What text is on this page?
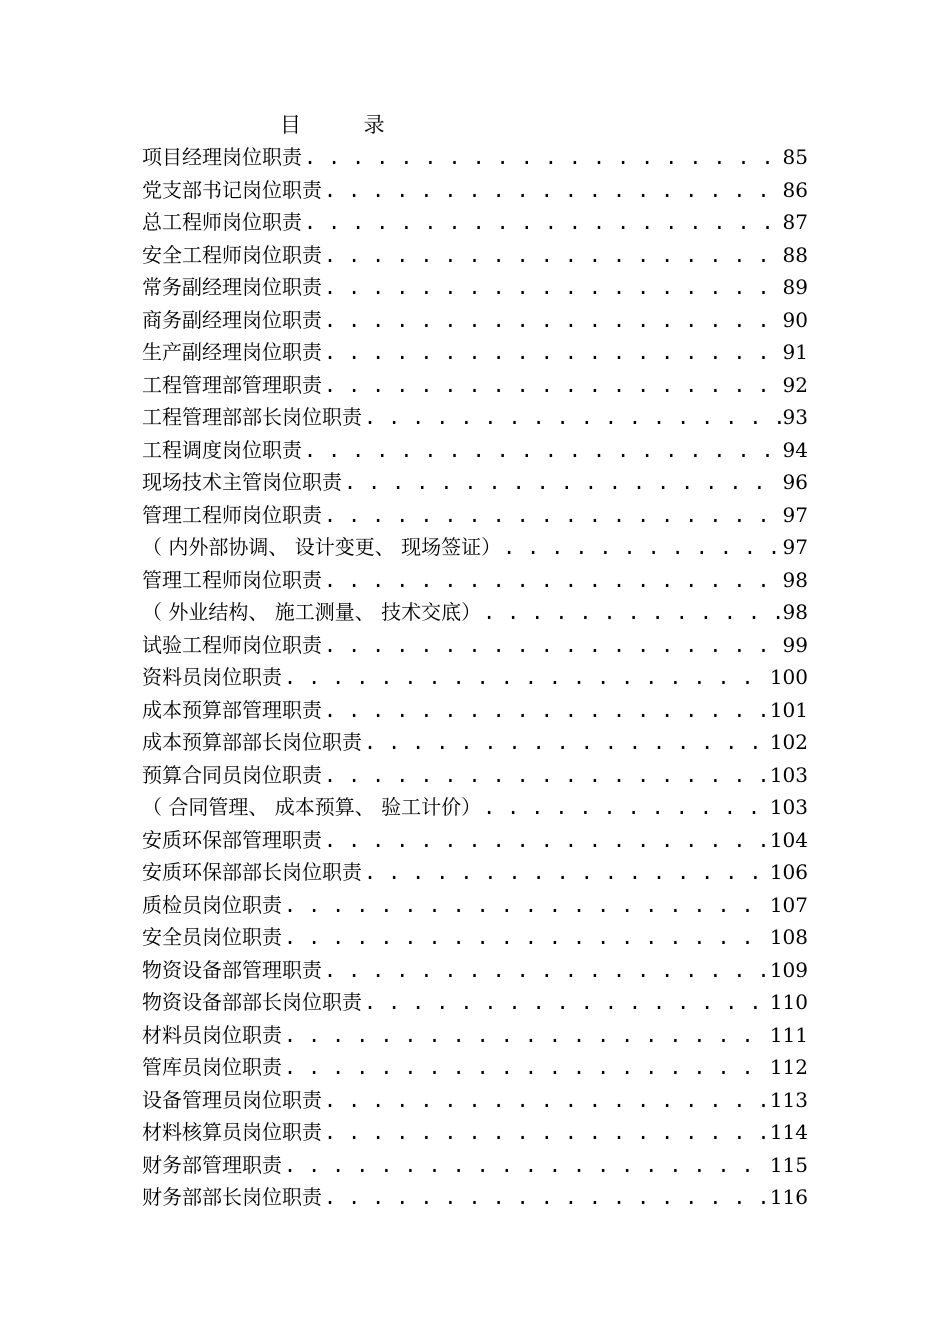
目 录
项目经理岗位职责 . . .	85
党支部书记岗位职责 . . .	86
总工程师岗位职责 . . .	87
安全工程师岗位职责 . . .	88
常务副经理岗位职责 . . .	89
商务副经理岗位职责 . . .	90
生产副经理岗位职责 . . .	91
工程管理部管理职责 . . .	92
工程管理部部长岗位职责 . . .	93
工程调度岗位职责 . . .	94
现场技术主管岗位职责 . . .	96
管理工程师岗位职责 . . .	97
（ 内外部协调、 设计变更、 现场签证） . . .	97
管理工程师岗位职责 . . .	98
（ 外业结构、 施工测量、 技术交底） . . .	98
试验工程师岗位职责 . . .	99
资料员岗位职责 . . .	100
成本预算部管理职责 . . .	101
成本预算部部长岗位职责 . . .	102
预算合同员岗位职责 . . .	103
（ 合同管理、 成本预算、 验工计价） . . .	103
安质环保部管理职责 . . .	104
安质环保部部长岗位职责 . . .	106
质检员岗位职责 . . .	107
安全员岗位职责 . . .	108
物资设备部管理职责 . . .	109
物资设备部部长岗位职责 . . .	110
材料员岗位职责 . . .	111
管库员岗位职责 . . .	112
设备管理员岗位职责 . . .	113
材料核算员岗位职责 . . .	114
财务部管理职责 . . .	115
财务部部长岗位职责 . . .	116
